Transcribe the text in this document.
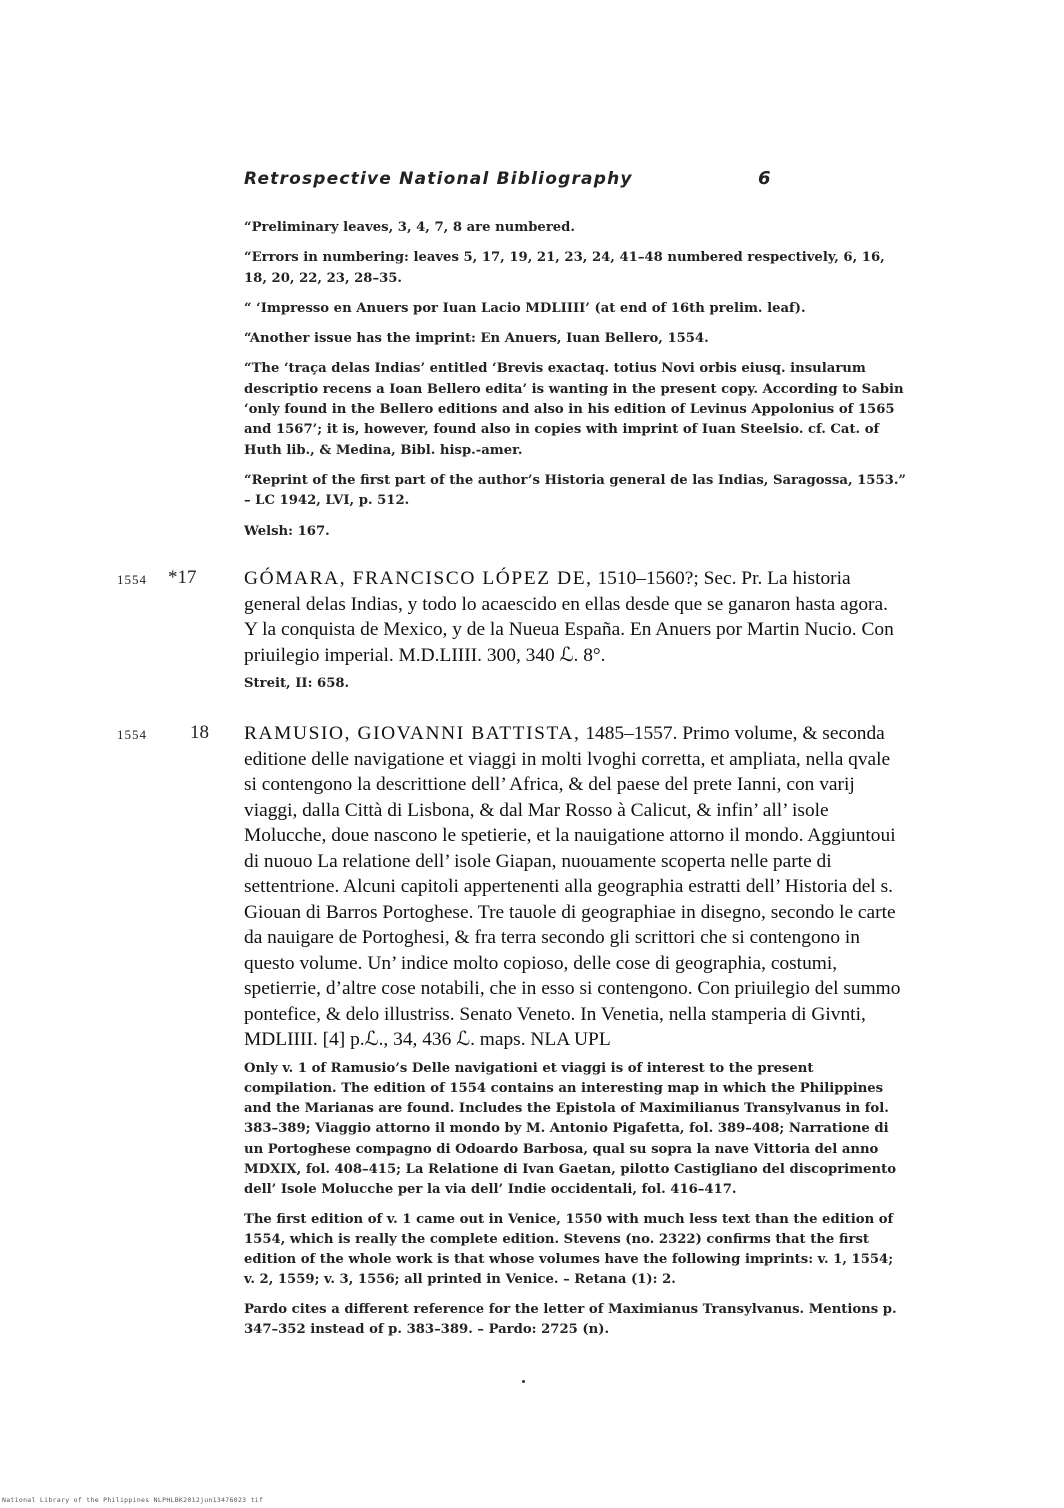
Retrospective National Bibliography	6

“Preliminary leaves, 3, 4, 7, 8 are numbered.

“Errors in numbering: leaves 5, 17, 19, 21, 23, 24, 41–48 numbered respectively, 6, 16, 18, 20, 22, 23, 28–35.

“ ‘Impresso en Anuers por Iuan Lacio MDLIIII’ (at end of 16th prelim. leaf).

“Another issue has the imprint: En Anuers, Iuan Bellero, 1554.

“The ‘traça delas Indias’ entitled ‘Brevis exactaq. totius Novi orbis eiusq. insularum descriptio recens a Ioan Bellero edita’ is wanting in the present copy. According to Sabin ‘only found in the Bellero editions and also in his edition of Levinus Appolonius of 1565 and 1567’; it is, however, found also in copies with imprint of Iuan Steelsio. cf. Cat. of Huth lib., & Medina, Bibl. hisp.-amer.

“Reprint of the first part of the author’s Historia general de las Indias, Saragossa, 1553.” – LC 1942, LVI, p. 512.

Welsh: 167.

1554 *17 GÓMARA, FRANCISCO LÓPEZ DE, 1510–1560?; Sec. Pr. La historia general delas Indias, y todo lo acaescido en ellas desde que se ganaron hasta agora. Y la conquista de Mexico, y de la Nueua España. En Anuers por Martin Nucio. Con priuilegio imperial. M.D.LIIII. 300, 340 ℒ. 8°.

Streit, II: 658.

1554 18 RAMUSIO, GIOVANNI BATTISTA, 1485–1557. Primo volume, & seconda editione delle navigatione et viaggi in molti lvoghi corretta, et ampliata, nella qvale si contengono la descrittione dell’ Africa, & del paese del prete Ianni, con varij viaggi, dalla Città di Lisbona, & dal Mar Rosso à Calicut, & infin’ all’ isole Molucche, doue nascono le spetierie, et la nauigatione attorno il mondo. Aggiuntoui di nuouo La relatione dell’ isole Giapan, nuouamente scoperta nelle parte di settentrione. Alcuni capitoli appertenenti alla geographia estratti dell’ Historia del s. Giouan di Barros Portoghese. Tre tauole di geographiae in disegno, secondo le carte da nauigare de Portoghesi, & fra terra secondo gli scrittori che si contengono in questo volume. Un’ indice molto copioso, delle cose di geographia, costumi, spetierrie, d’altre cose notabili, che in esso si contengono. Con priuilegio del summo pontefice, & delo illustriss. Senato Veneto. In Venetia, nella stamperia di Givnti, MDLIIII. [4] p.ℒ., 34, 436 ℒ. maps. NLA UPL

Only v. 1 of Ramusio’s Delle navigationi et viaggi is of interest to the present compilation. The edition of 1554 contains an interesting map in which the Philippines and the Marianas are found. Includes the Epistola of Maximilianus Transylvanus in fol. 383–389; Viaggio attorno il mondo by M. Antonio Pigafetta, fol. 389–408; Narratione di un Portoghese compagno di Odoardo Barbosa, qual su sopra la nave Vittoria del anno MDXIX, fol. 408–415; La Relatione di Ivan Gaetan, pilotto Castigliano del discoprimento dell’ Isole Molucche per la via dell’ Indie occidentali, fol. 416–417.

The first edition of v. 1 came out in Venice, 1550 with much less text than the edition of 1554, which is really the complete edition. Stevens (no. 2322) confirms that the first edition of the whole work is that whose volumes have the following imprints: v. 1, 1554; v. 2, 1559; v. 3, 1556; all printed in Venice. – Retana (1): 2.

Pardo cites a different reference for the letter of Maximianus Transylvanus. Mentions p. 347–352 instead of p. 383–389. – Pardo: 2725 (n).

National Library of the Philippines NLPHLBK2012jun13476023 tif
